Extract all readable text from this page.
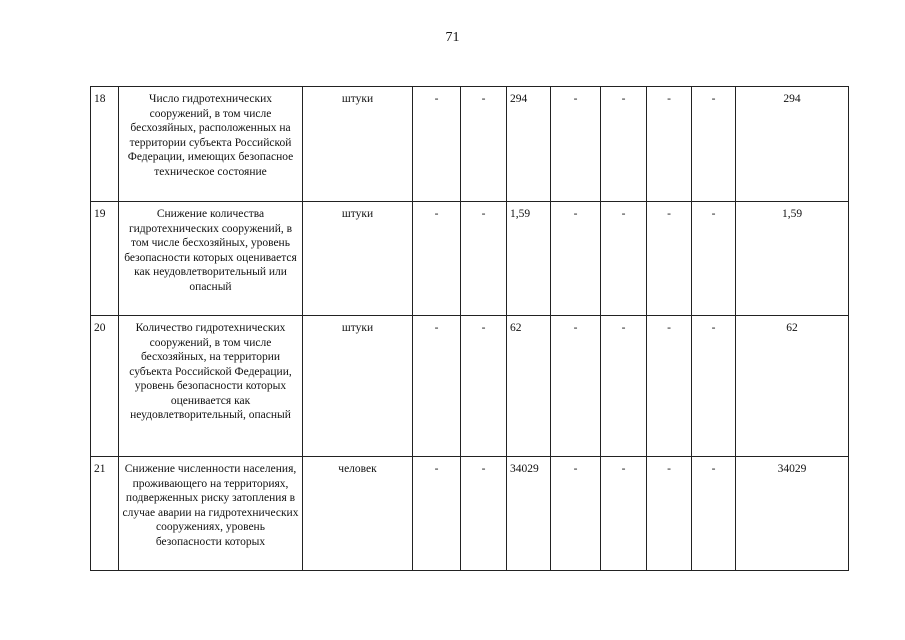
71
18	Число гидротехнических сооружений, в том числе бесхозяйных, расположенных на территории субъекта Российской Федерации, имеющих безопасное техническое состояние	штуки	-	-	294	-	-	-	-	294
19	Снижение количества гидротехнических сооружений, в том числе бесхозяйных, уровень безопасности которых оценивается как неудовлетворительный или опасный	штуки	-	-	1,59	-	-	-	-	1,59
20	Количество гидротехнических сооружений, в том числе бесхозяйных, на территории субъекта Российской Федерации, уровень безопасности которых оценивается как неудовлетворительный, опасный	штуки	-	-	62	-	-	-	-	62
21	Снижение численности населения, проживающего на территориях, подверженных риску затопления в случае аварии на гидротехнических сооружениях, уровень безопасности которых	человек	-	-	34029	-	-	-	-	34029
